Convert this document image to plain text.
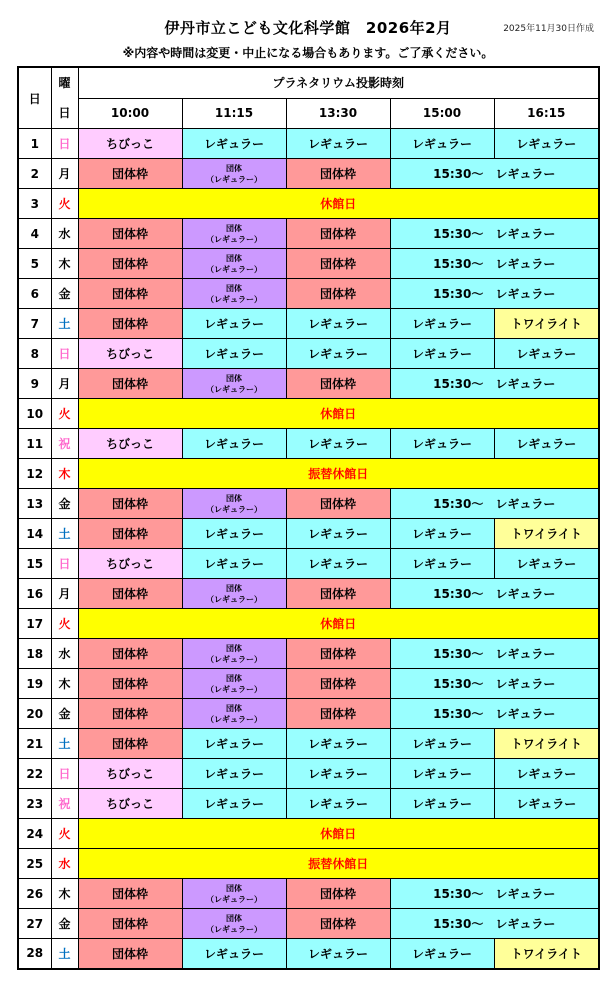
伊丹市立こども文化科学館　2026年2月	2025年11月30日作成
※内容や時間は変更・中止になる場合もあります。ご了承ください。
日	曜日	プラネタリウム投影時刻				
		10:00	11:15	13:30	15:00	16:15
1	日	ちびっこ	レギュラー	レギュラー	レギュラー	レギュラー
2	月	団体枠	団体
（レギュラー）	団体枠	15:30～　レギュラー	
3	火	休館日				
4	水	団体枠	団体
（レギュラー）	団体枠	15:30～　レギュラー	
5	木	団体枠	団体
（レギュラー）	団体枠	15:30～　レギュラー	
6	金	団体枠	団体
（レギュラー）	団体枠	15:30～　レギュラー	
7	土	団体枠	レギュラー	レギュラー	レギュラー	トワイライト
8	日	ちびっこ	レギュラー	レギュラー	レギュラー	レギュラー
9	月	団体枠	団体
（レギュラー）	団体枠	15:30～　レギュラー	
10	火	休館日				
11	祝	ちびっこ	レギュラー	レギュラー	レギュラー	レギュラー
12	木	振替休館日				
13	金	団体枠	団体
（レギュラー）	団体枠	15:30～　レギュラー	
14	土	団体枠	レギュラー	レギュラー	レギュラー	トワイライト
15	日	ちびっこ	レギュラー	レギュラー	レギュラー	レギュラー
16	月	団体枠	団体
（レギュラー）	団体枠	15:30～　レギュラー	
17	火	休館日				
18	水	団体枠	団体
（レギュラー）	団体枠	15:30～　レギュラー	
19	木	団体枠	団体
（レギュラー）	団体枠	15:30～　レギュラー	
20	金	団体枠	団体
（レギュラー）	団体枠	15:30～　レギュラー	
21	土	団体枠	レギュラー	レギュラー	レギュラー	トワイライト
22	日	ちびっこ	レギュラー	レギュラー	レギュラー	レギュラー
23	祝	ちびっこ	レギュラー	レギュラー	レギュラー	レギュラー
24	火	休館日				
25	水	振替休館日				
26	木	団体枠	団体
（レギュラー）	団体枠	15:30～　レギュラー	
27	金	団体枠	団体
（レギュラー）	団体枠	15:30～　レギュラー	
28	土	団体枠	レギュラー	レギュラー	レギュラー	トワイライト
